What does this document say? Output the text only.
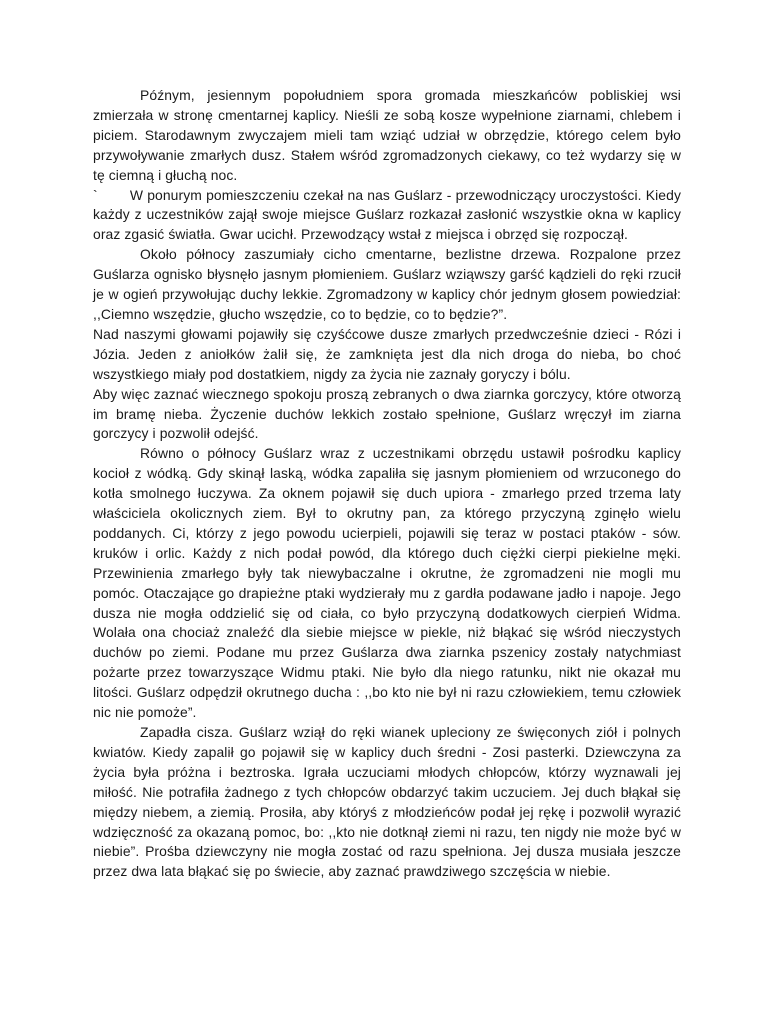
Późnym, jesiennym popołudniem spora gromada mieszkańców pobliskiej wsi zmierzała w stronę cmentarnej kaplicy. Nieśli ze sobą kosze wypełnione ziarnami, chlebem i piciem. Starodawnym zwyczajem mieli tam wziąć udział w obrzędzie, którego celem było przywoływanie zmarłych dusz. Stałem wśród zgromadzonych ciekawy, co też wydarzy się w tę ciemną i głuchą noc.

`   W ponurym pomieszczeniu czekał na nas Guślarz - przewodniczący uroczystości. Kiedy każdy z uczestników zajął swoje miejsce Guślarz rozkazał zasłonić wszystkie okna w kaplicy oraz zgasić światła. Gwar ucichł. Przewodzący wstał z miejsca i obrzęd się rozpoczął.

Około północy zaszumiały cicho cmentarne, bezlistne drzewa. Rozpalone przez Guślarza ognisko błysnęło jasnym płomieniem. Guślarz wziąwszy garść kądzieli do ręki rzucił je w ogień przywołując duchy lekkie. Zgromadzony w kaplicy chór jednym głosem powiedział: ,,Ciemno wszędzie, głucho wszędzie, co to będzie, co to będzie?”.

Nad naszymi głowami pojawiły się czyśćcowe dusze zmarłych przedwcześnie dzieci - Rózi i Józia. Jeden z aniołków żalił się, że zamknięta jest dla nich droga do nieba, bo choć wszystkiego miały pod dostatkiem, nigdy za życia nie zaznały goryczy i bólu.

Aby więc zaznać wiecznego spokoju proszą zebranych o dwa ziarnka gorczycy, które otworzą im bramę nieba. Życzenie duchów lekkich zostało spełnione, Guślarz wręczył im ziarna gorczycy i pozwolił odejść.

Równo o północy Guślarz wraz z uczestnikami obrzędu ustawił pośrodku kaplicy kocioł z wódką. Gdy skinął laską, wódka zapaliła się jasnym płomieniem od wrzuconego do kotła smolnego łuczywa. Za oknem pojawił się duch upiora - zmarłego przed trzema laty właściciela okolicznych ziem. Był to okrutny pan, za którego przyczyną zginęło wielu poddanych. Ci, którzy z jego powodu ucierpieli, pojawili się teraz w postaci ptaków - sów. kruków i orlic. Każdy z nich podał powód, dla którego duch ciężki cierpi piekielne męki. Przewinienia zmarłego były tak niewybaczalne i okrutne, że zgromadzeni nie mogli mu pomóc. Otaczające go drapieżne ptaki wydzierały mu z gardła podawane jadło i napoje. Jego dusza nie mogła oddzielić się od ciała, co było przyczyną dodatkowych cierpień Widma. Wolała ona chociaż znaleźć dla siebie miejsce w piekle, niż błąkać się wśród nieczystych duchów po ziemi. Podane mu przez Guślarza dwa ziarnka pszenicy zostały natychmiast pożarte przez towarzyszące Widmu ptaki. Nie było dla niego ratunku, nikt nie okazał mu litości. Guślarz odpędził okrutnego ducha : ,,bo kto nie był ni razu człowiekiem, temu człowiek nic nie pomoże”.

Zapadła cisza. Guślarz wziął do ręki wianek upleciony ze święconych ziół i polnych kwiatów. Kiedy zapalił go pojawił się w kaplicy duch średni - Zosi pasterki. Dziewczyna za życia była próżna i beztroska. Igrała uczuciami młodych chłopców, którzy wyznawali jej miłość. Nie potrafiła żadnego z tych chłopców obdarzyć takim uczuciem. Jej duch błąkał się między niebem, a ziemią. Prosiła, aby któryś z młodzieńców podał jej rękę i pozwolił wyrazić wdzięczność za okazaną pomoc, bo: ,,kto nie dotknął ziemi ni razu, ten nigdy nie może być w niebie”. Prośba dziewczyny nie mogła zostać od razu spełniona. Jej dusza musiała jeszcze przez dwa lata błąkać się po świecie, aby zaznać prawdziwego szczęścia w niebie.
